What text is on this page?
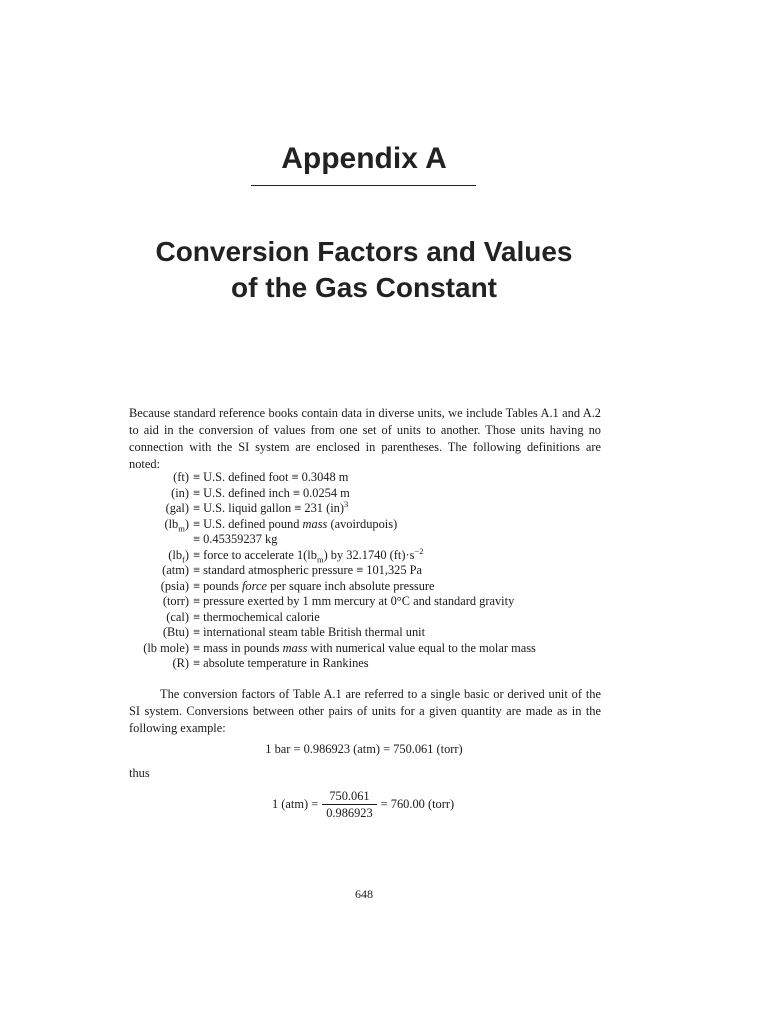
Appendix A
Conversion Factors and Values
of the Gas Constant

Because standard reference books contain data in diverse units, we include Tables A.1 and A.2 to aid in the conversion of values from one set of units to another. Those units having no connection with the SI system are enclosed in parentheses. The following definitions are noted:

(ft) ≡ U.S. defined foot ≡ 0.3048 m
(in) ≡ U.S. defined inch ≡ 0.0254 m
(gal) ≡ U.S. liquid gallon ≡ 231 (in)$^3$
$(lb_m) \equiv U.S$. defined pound mass (avoirdupois)
≡ 0.45359237 kg
$(lb_f)$ ≡ force to accelerate $1(lb_m)$ by 32.1740 $(ft)\cdot s^{-2}$
(atm) ≡ standard atmospheric pressure ≡ 101,325 Pa
(psia) ≡ pounds force per square inch absolute pressure
(torr) ≡ pressure exerted by 1 mm mercury at 0°C and standard gravity
(cal) ≡ thermochemical calorie
(Btu) ≡ international steam table British thermal unit
(lb mole) ≡ mass in pounds mass with numerical value equal to the molar mass
(R) ≡ absolute temperature in Rankines

The conversion factors of Table A.1 are referred to a single basic or derived unit of the SI system. Conversions between other pairs of units for a given quantity are made as in the following example:

1 bar = 0.986923 (atm) = 750.061 (torr)
thus
1 $(atm) = \frac{750.061}{0.986923} = 760.00$ (torr)
648
